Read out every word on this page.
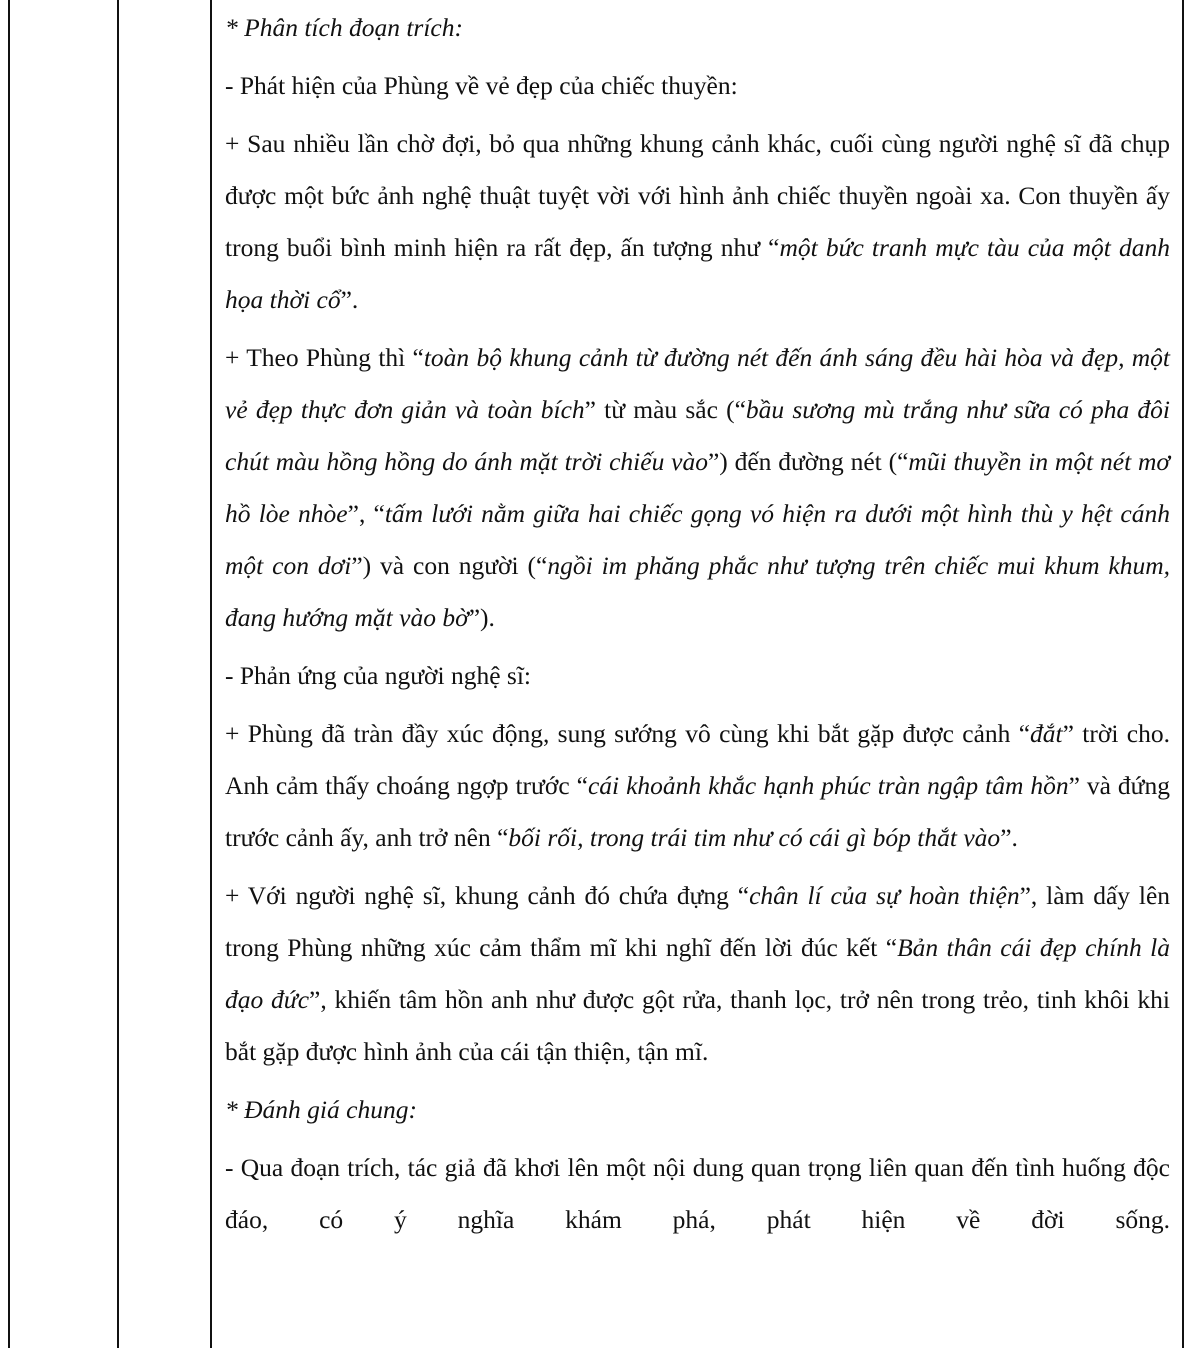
* Phân tích đoạn trích:

- Phát hiện của Phùng về vẻ đẹp của chiếc thuyền:

+ Sau nhiều lần chờ đợi, bỏ qua những khung cảnh khác, cuối cùng người nghệ sĩ đã chụp được một bức ảnh nghệ thuật tuyệt vời với hình ảnh chiếc thuyền ngoài xa. Con thuyền ấy trong buổi bình minh hiện ra rất đẹp, ấn tượng như “một bức tranh mực tàu của một danh họa thời cổ”.

+ Theo Phùng thì “toàn bộ khung cảnh từ đường nét đến ánh sáng đều hài hòa và đẹp, một vẻ đẹp thực đơn giản và toàn bích” từ màu sắc (“bầu sương mù trắng như sữa có pha đôi chút màu hồng hồng do ánh mặt trời chiếu vào”) đến đường nét (“mũi thuyền in một nét mơ hồ lòe nhòe”, “tấm lưới nằm giữa hai chiếc gọng vó hiện ra dưới một hình thù y hệt cánh một con dơi”) và con người (“ngồi im phăng phắc như tượng trên chiếc mui khum khum, đang hướng mặt vào bờ”).

- Phản ứng của người nghệ sĩ:

+ Phùng đã tràn đầy xúc động, sung sướng vô cùng khi bắt gặp được cảnh “đắt” trời cho. Anh cảm thấy choáng ngợp trước “cái khoảnh khắc hạnh phúc tràn ngập tâm hồn” và đứng trước cảnh ấy, anh trở nên “bối rối, trong trái tim như có cái gì bóp thắt vào”.

+ Với người nghệ sĩ, khung cảnh đó chứa đựng “chân lí của sự hoàn thiện”, làm dấy lên trong Phùng những xúc cảm thẩm mĩ khi nghĩ đến lời đúc kết “Bản thân cái đẹp chính là đạo đức”, khiến tâm hồn anh như được gột rửa, thanh lọc, trở nên trong trẻo, tinh khôi khi bắt gặp được hình ảnh của cái tận thiện, tận mĩ.

* Đánh giá chung:

- Qua đoạn trích, tác giả đã khơi lên một nội dung quan trọng liên quan đến tình huống độc đáo, có ý nghĩa khám phá, phát hiện về đời sống.
